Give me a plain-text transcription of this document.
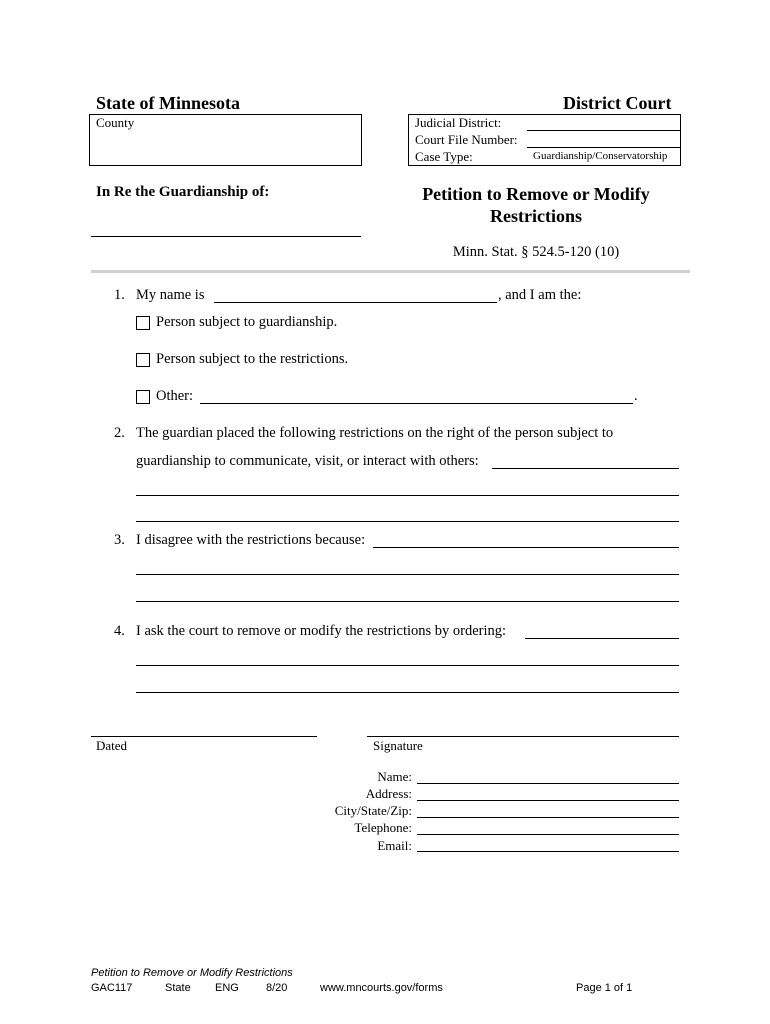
State of Minnesota	District Court
County	Judicial District:
Court File Number:
Case Type:	Guardianship/Conservatorship
In Re the Guardianship of:	Petition to Remove or Modify
Restrictions
Minn. Stat. § 524.5-120 (10)
1. My name is	, and I am the:
Person subject to guardianship.
Person subject to the restrictions.
Other:	.
2. The guardian placed the following restrictions on the right of the person subject to
guardianship to communicate, visit, or interact with others:
3. I disagree with the restrictions because:
4. I ask the court to remove or modify the restrictions by ordering:
Dated	Signature
Name:
Address:
City/State/Zip:
Telephone:
Email:
Petition to Remove or Modify Restrictions
GAC117	State ENG 8/20	www.mncourts.gov/forms	Page 1 of 1
